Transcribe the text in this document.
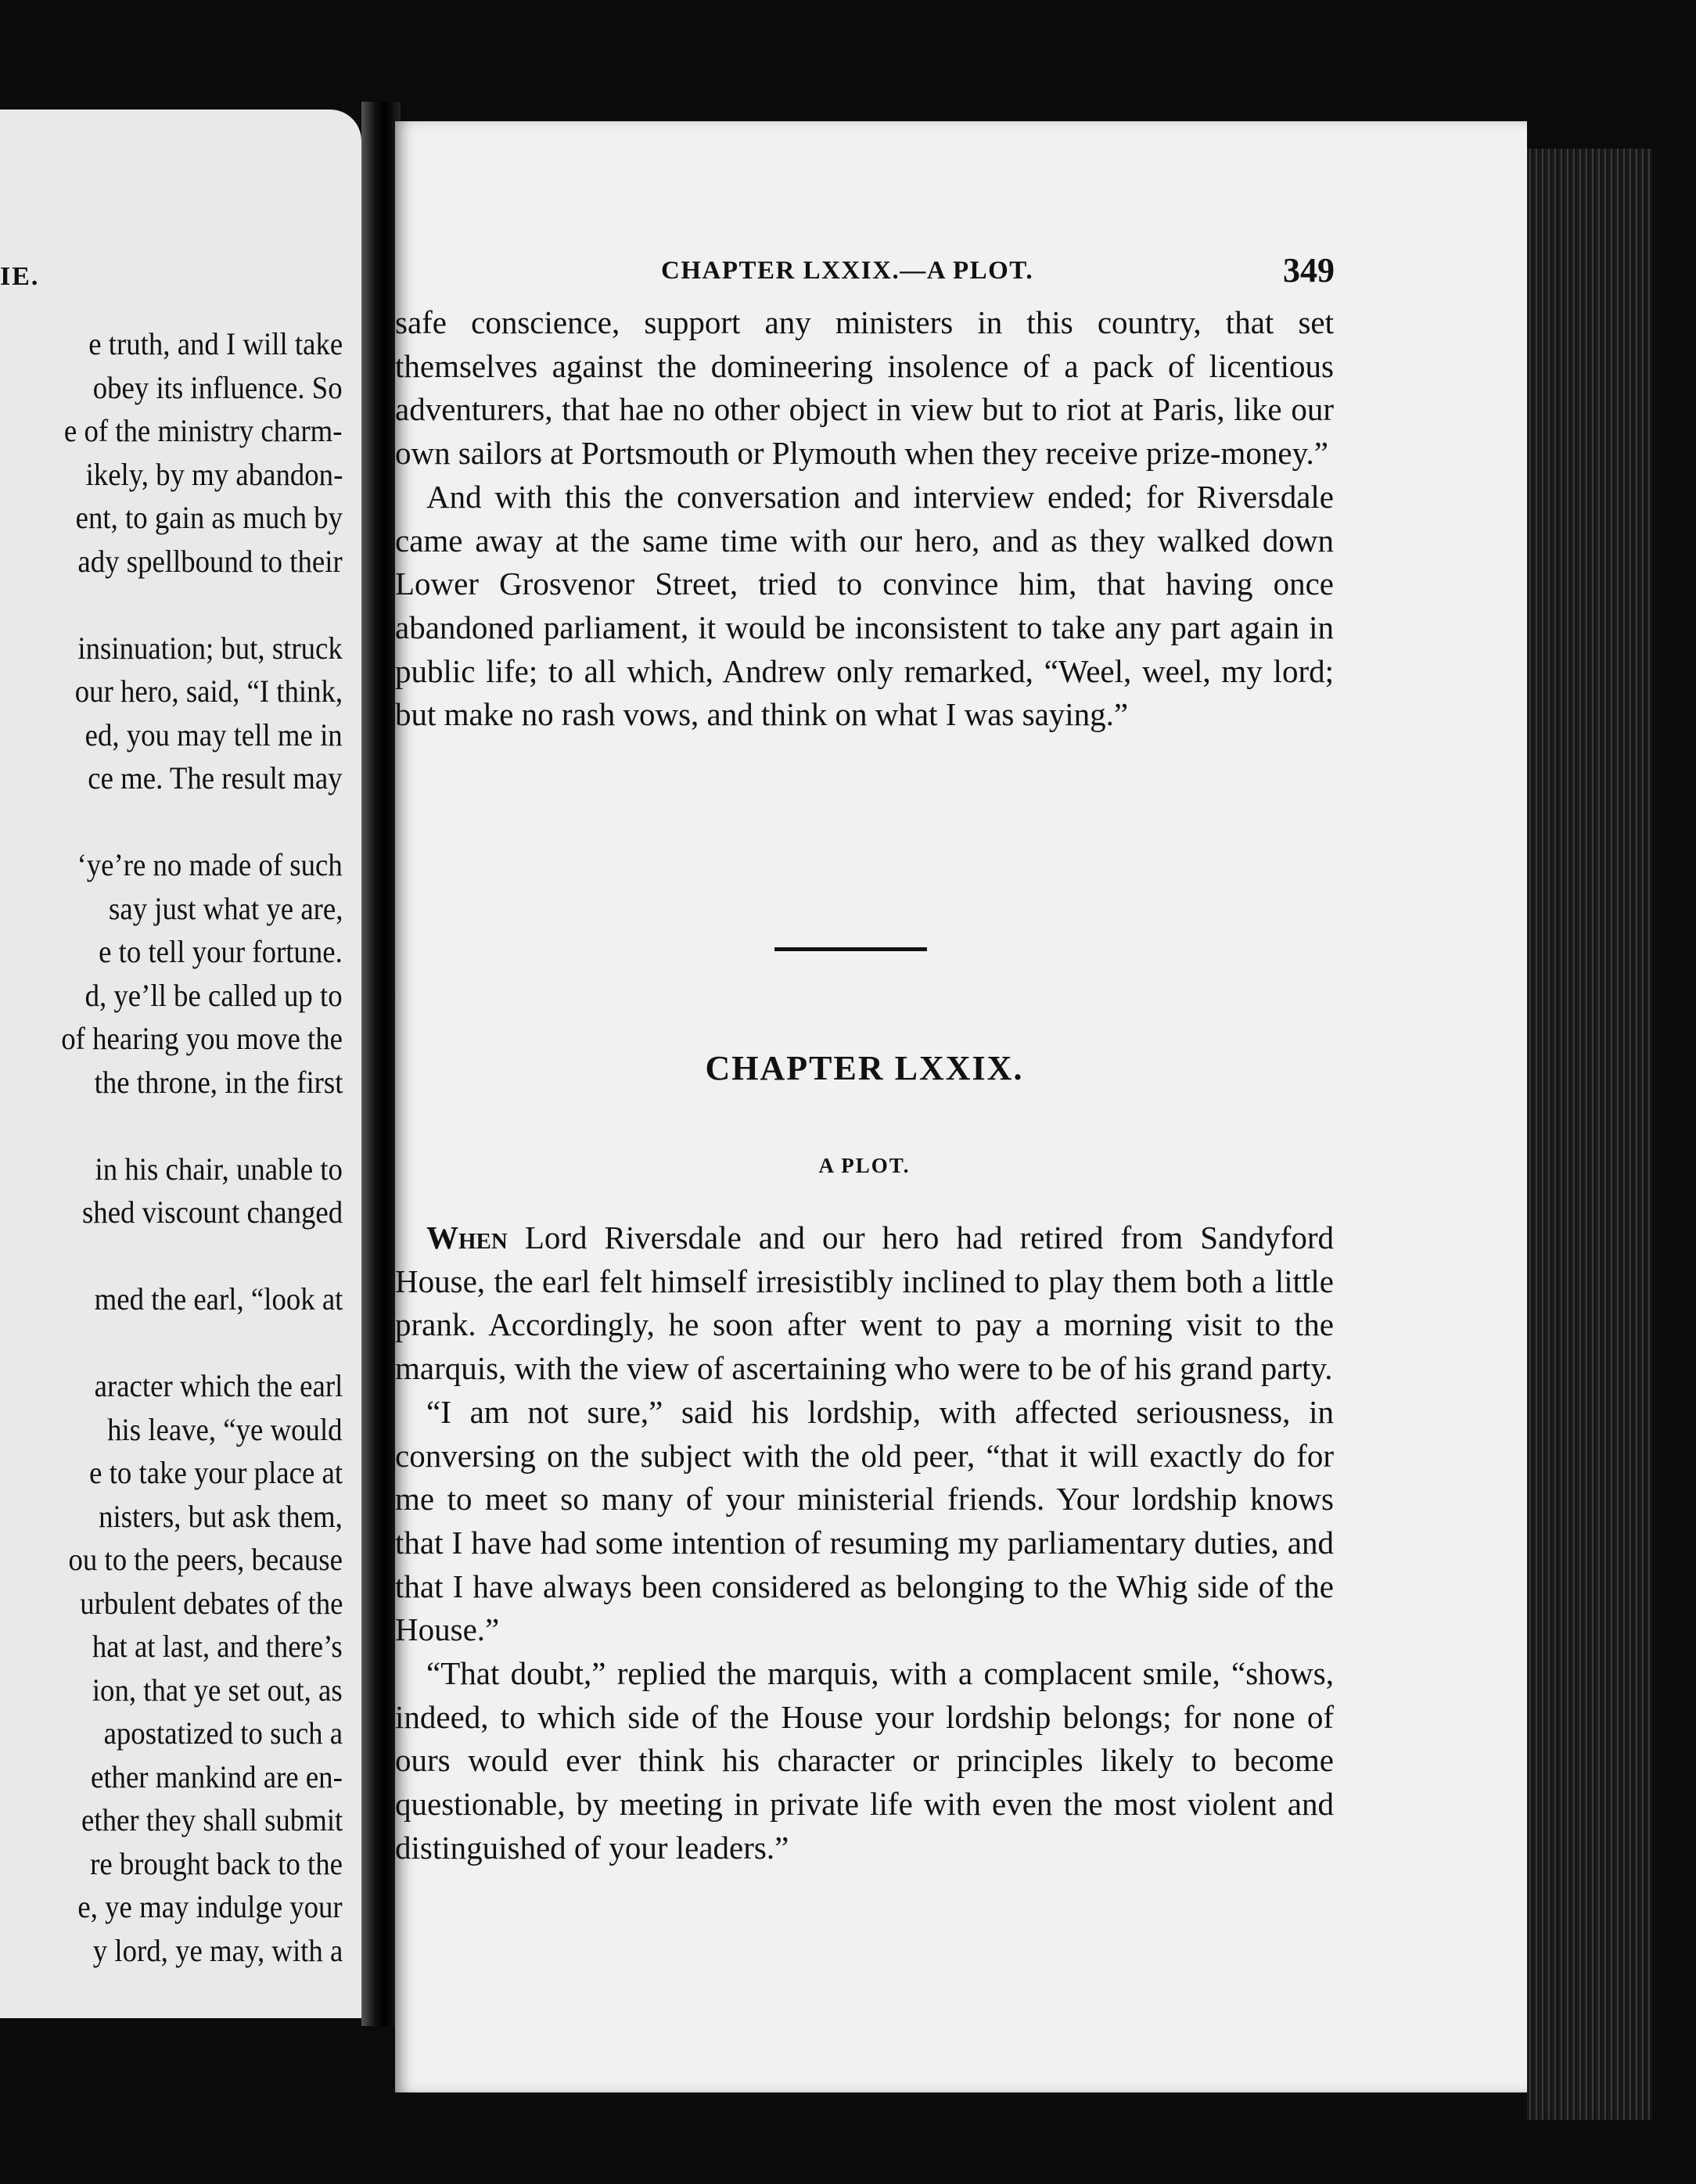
IE.
e truth, and I will take
obey its influence. So
e of the ministry charm-
ikely, by my abandon-
ent, to gain as much by
ady spellbound to their
insinuation; but, struck
our hero, said, “I think,
ed, you may tell me in
ce me. The result may
‘ye’re no made of such
say just what ye are,
e to tell your fortune.
d, ye’ll be called up to
of hearing you move the
the throne, in the first
in his chair, unable to
shed viscount changed
med the earl, “look at
aracter which the earl
his leave, “ye would
e to take your place at
nisters, but ask them,
ou to the peers, because
urbulent debates of the
hat at last, and there’s
ion, that ye set out, as
apostatized to such a
ether mankind are en-
ether they shall submit
re brought back to the
e, ye may indulge your
y lord, ye may, with a
CHAPTER LXXIX.—A PLOT.	349
safe conscience, support any ministers in this country, that set themselves against the domineering insolence of a pack of licentious adventurers, that hae no other object in view but to riot at Paris, like our own sailors at Portsmouth or Plymouth when they receive prize-money.”
And with this the conversation and interview ended; for Riversdale came away at the same time with our hero, and as they walked down Lower Grosvenor Street, tried to convince him, that having once abandoned parliament, it would be inconsistent to take any part again in public life; to all which, Andrew only remarked, “Weel, weel, my lord; but make no rash vows, and think on what I was saying.”
CHAPTER LXXIX.
A PLOT.
When Lord Riversdale and our hero had retired from Sandyford House, the earl felt himself irresistibly inclined to play them both a little prank. Accordingly, he soon after went to pay a morning visit to the marquis, with the view of ascertaining who were to be of his grand party.
“I am not sure,” said his lordship, with affected seriousness, in conversing on the subject with the old peer, “that it will exactly do for me to meet so many of your ministerial friends. Your lordship knows that I have had some intention of resuming my parliamentary duties, and that I have always been considered as belonging to the Whig side of the House.”
“That doubt,” replied the marquis, with a complacent smile, “shows, indeed, to which side of the House your lordship belongs; for none of ours would ever think his character or principles likely to become questionable, by meeting in private life with even the most violent and distinguished of your leaders.”
